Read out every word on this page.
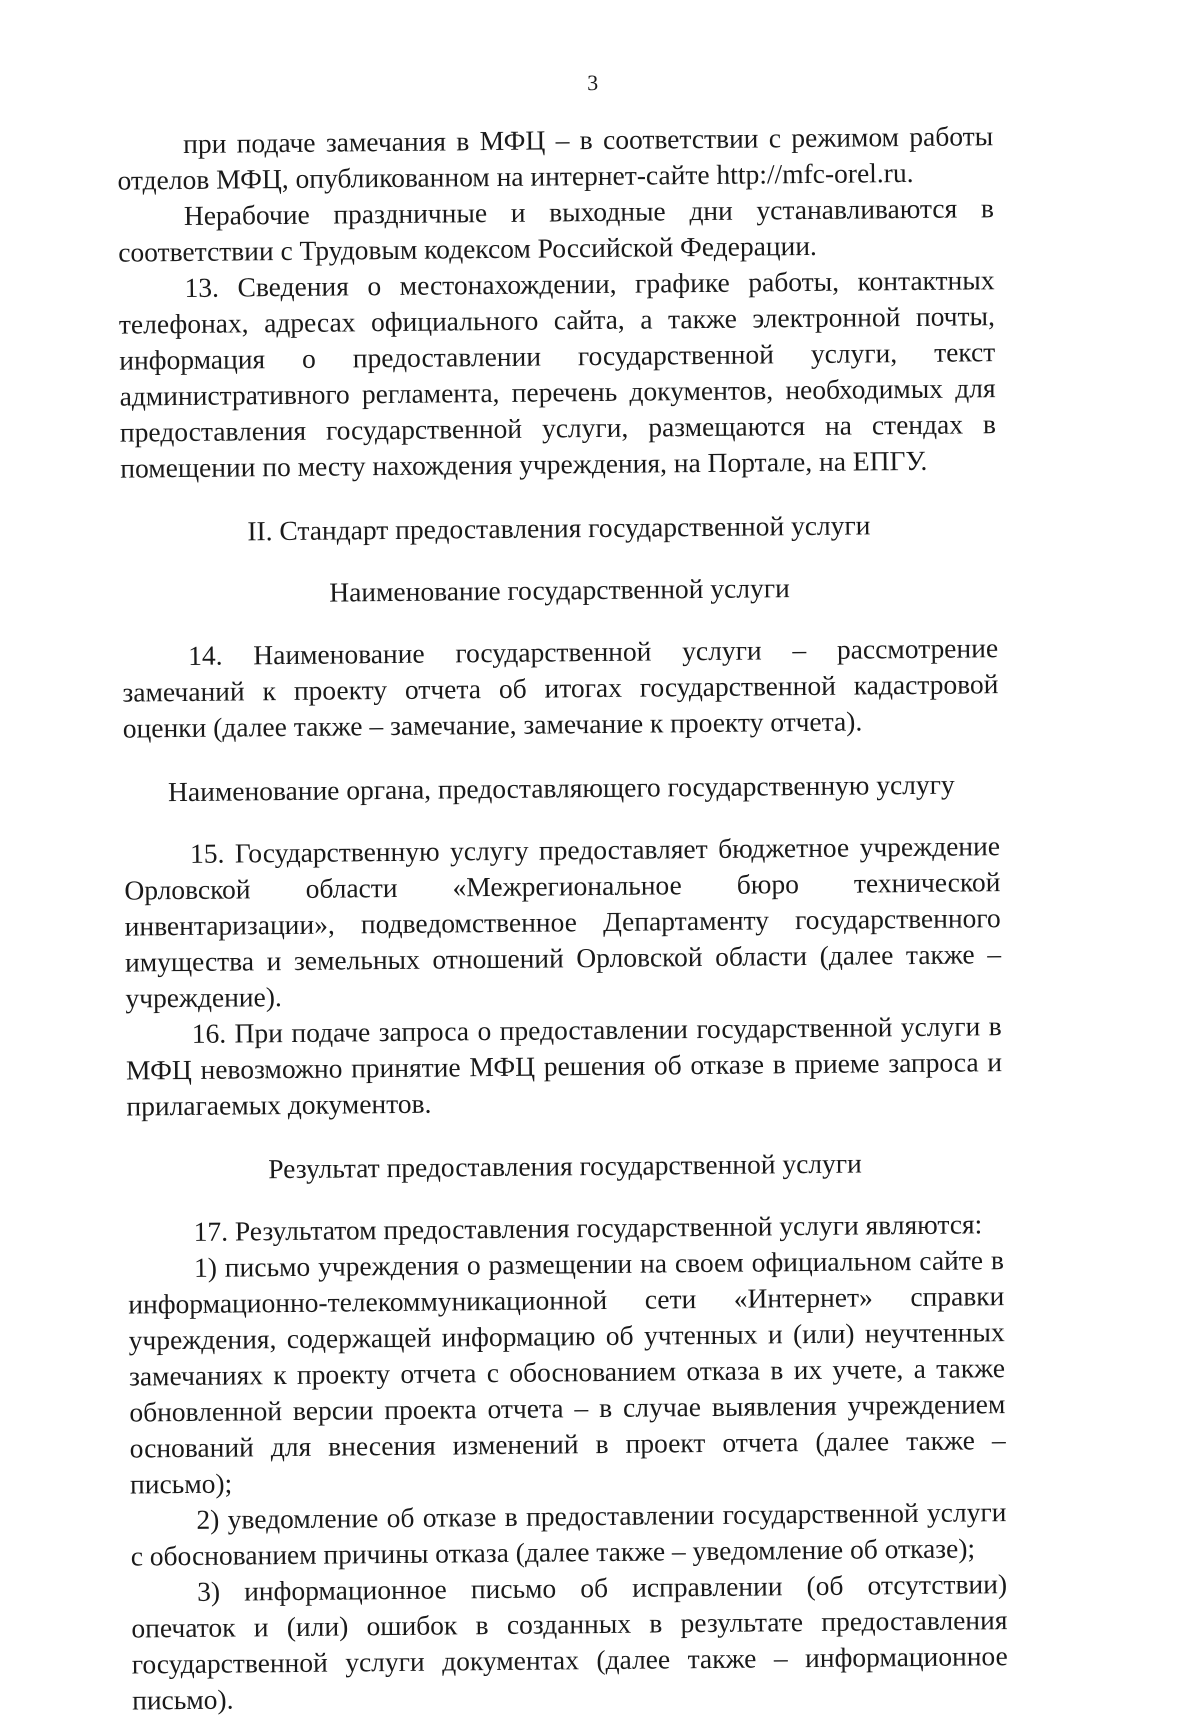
3

при подаче замечания в МФЦ – в соответствии с режимом работы отделов МФЦ, опубликованном на интернет-сайте http://mfc-orel.ru.

Нерабочие праздничные и выходные дни устанавливаются в соответствии с Трудовым кодексом Российской Федерации.

13. Сведения о местонахождении, графике работы, контактных телефонах, адресах официального сайта, а также электронной почты, информация о предоставлении государственной услуги, текст административного регламента, перечень документов, необходимых для предоставления государственной услуги, размещаются на стендах в помещении по месту нахождения учреждения, на Портале, на ЕПГУ.

II. Стандарт предоставления государственной услуги
Наименование государственной услуги

14. Наименование государственной услуги – рассмотрение замечаний к проекту отчета об итогах государственной кадастровой оценки (далее также – замечание, замечание к проекту отчета).

Наименование органа, предоставляющего государственную услугу

15. Государственную услугу предоставляет бюджетное учреждение Орловской области «Межрегиональное бюро технической инвентаризации», подведомственное Департаменту государственного имущества и земельных отношений Орловской области (далее также – учреждение).

16. При подаче запроса о предоставлении государственной услуги в МФЦ невозможно принятие МФЦ решения об отказе в приеме запроса и прилагаемых документов.

Результат предоставления государственной услуги

17. Результатом предоставления государственной услуги являются:

1) письмо учреждения о размещении на своем официальном сайте в информационно-телекоммуникационной сети «Интернет» справки учреждения, содержащей информацию об учтенных и (или) неучтенных замечаниях к проекту отчета с обоснованием отказа в их учете, а также обновленной версии проекта отчета – в случае выявления учреждением оснований для внесения изменений в проект отчета (далее также – письмо);

2) уведомление об отказе в предоставлении государственной услуги с обоснованием причины отказа (далее также – уведомление об отказе);

3) информационное письмо об исправлении (об отсутствии) опечаток и (или) ошибок в созданных в результате предоставления государственной услуги документах (далее также – информационное письмо).
